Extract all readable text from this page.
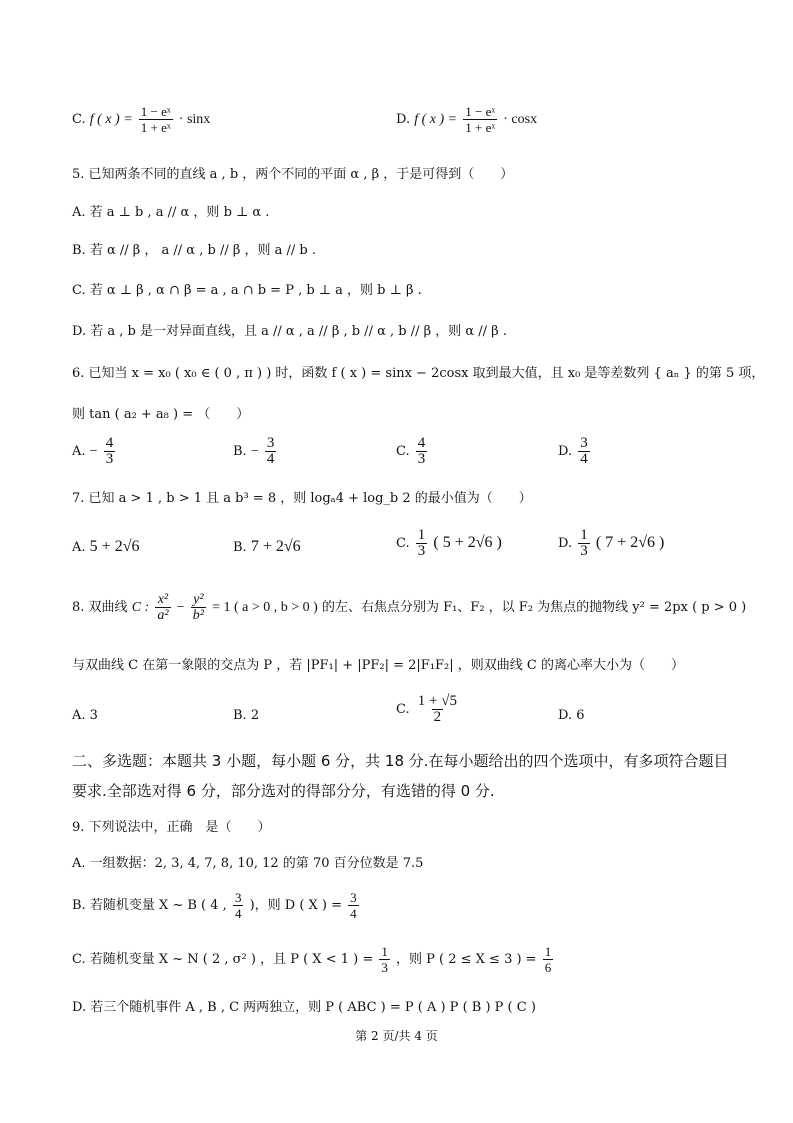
C. f ( x ) = $\frac{\text{1 − eˣ}}{\text{1 + eˣ}} \cdot \sin x$	D. f ( x ) = $\frac{\text{1 − eˣ}}{\text{1 + eˣ}} \cdot \cos x$
5. 已知两条不同的直线 a , b ，两个不同的平面 α , β ，于是可得到（　　）
A. 若 a ⊥ b , a // α ，则 b ⊥ α .
B. 若 α // β ， a // α , b // β ，则 a // b .
C. 若 α ⊥ β , α ∩ β = a , a ∩ b = P , b ⊥ a ，则 b ⊥ β .
D. 若 a , b 是一对异面直线，且 a // α , a // β , b // α , b // β ，则 α // β .
6. 已知当 x = x₀ ( x₀ ∈ ( 0 , π ) ) 时，函数 f ( x ) = sinx − 2cosx 取到最大值，且 x₀ 是等差数列 { aₙ } 的第 5 项，
则 tan ( a₂ + a₈ ) = （　　）
A. − $\frac{4}{3}$	B. − $\frac{3}{4}$	C. $\frac{4}{3}$	D. $\frac{3}{4}$
7. 已知 a > 1 , b > 1 且 a b³ = 8 ，则 logₐ4 + log_b 2 的最小值为（　　）
A. 5 + 2√6	B. 7 + 2√6	C. $\frac{1}{3}$ ( 5 + 2√6 )	D. $\frac{1}{3}$ ( 7 + 2√6 )
8. 双曲线 C : $\frac{\text{x²}}{\text{a²}} - \frac{\text{y²}}{\text{b²}} = 1$ ( a > 0 , b > 0 ) 的左、右焦点分别为 F₁、F₂ ，以 F₂ 为焦点的抛物线 y² = 2px ( p > 0 )
与双曲线 C 在第一象限的交点为 P ，若 |PF₁| + |PF₂| = 2|F₁F₂| ，则双曲线 C 的离心率大小为（　　）
A. 3	B. 2	C. $\frac{1 + √5}{2}$	D. 6
二、多选题：本题共 3 小题，每小题 6 分，共 18 分.在每小题给出的四个选项中，有多项符合题目要求.全部选对得 6 分，部分选对的得部分分，有选错的得 0 分.
9. 下列说法中，正确　是（　　）
A. 一组数据：2, 3, 4, 7, 8, 10, 12 的第 70 百分位数是 7.5
B. 若随机变量 X ~ B ( 4 , $\frac{3}{4}$ )，则 D ( X ) = $\frac{3}{4}$
C. 若随机变量 X ~ N ( 2 , σ² ) ，且 P ( X < 1 ) = $\frac{1}{3}$ ，则 P ( 2 ≤ X ≤ 3 ) = $\frac{1}{6}$
D. 若三个随机事件 A , B , C 两两独立，则 P ( ABC ) = P ( A ) P ( B ) P ( C )
第 2 页/共 4 页
